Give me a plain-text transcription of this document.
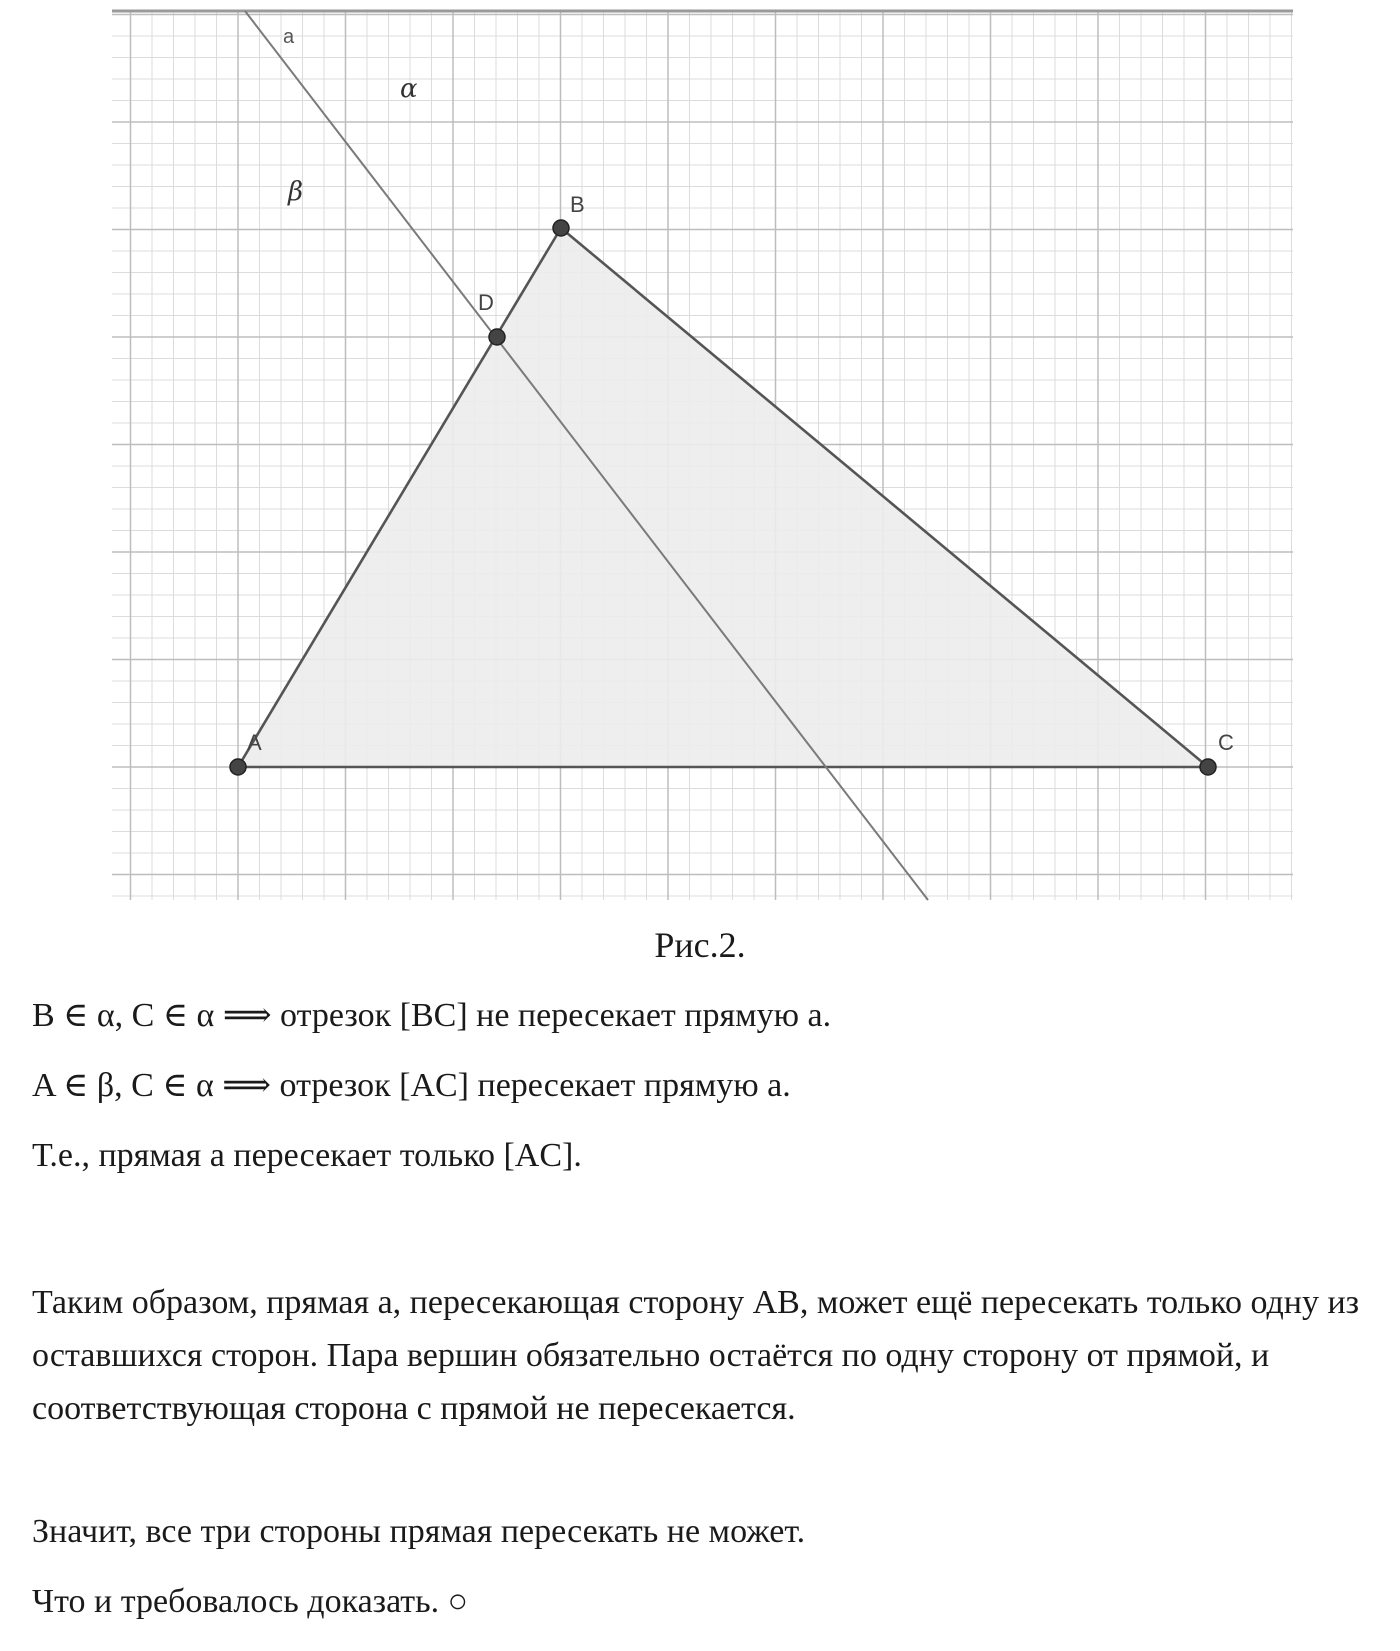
A
B
C
D
a
α
β
Рис.2.

B ∈ α, C ∈ α ⟹ отрезок [BC] не пересекает прямую a.

A ∈ β, C ∈ α ⟹ отрезок [AC] пересекает прямую a.

Т.е., прямая a пересекает только [AC].

Таким образом, прямая a, пересекающая сторону AB, может ещё пересекать только одну из оставшихся сторон. Пара вершин обязательно остаётся по одну сторону от прямой, и соответствующая сторона с прямой не пересекается.

Значит, все три стороны прямая пересекать не может.

Что и требовалось доказать. ○
